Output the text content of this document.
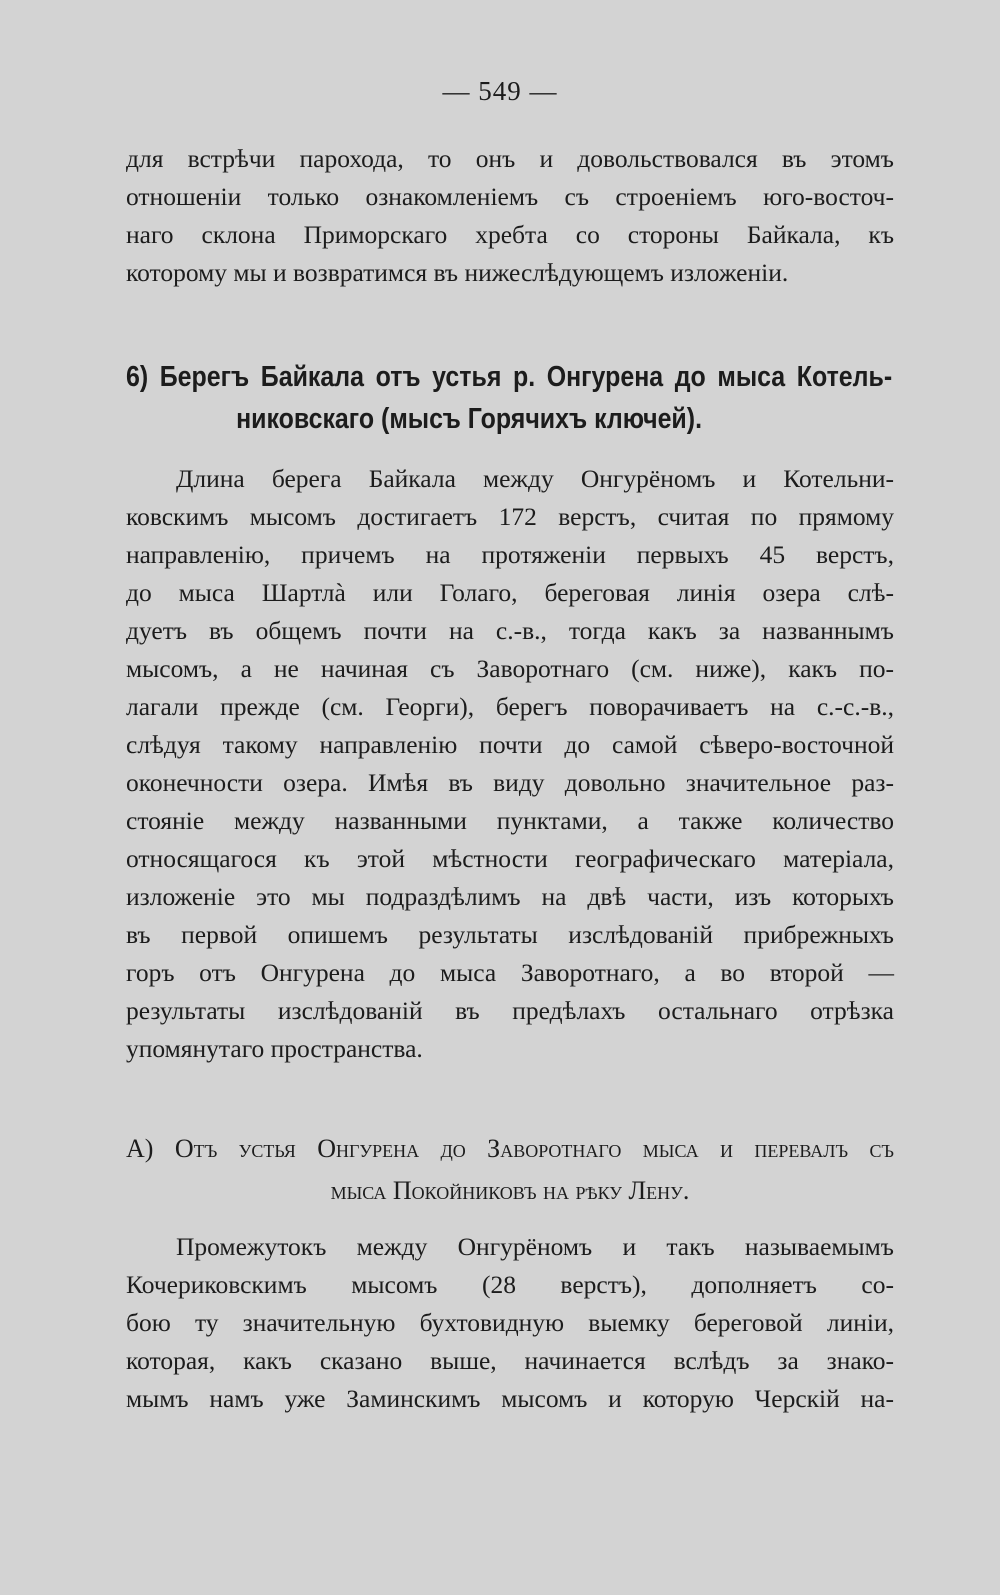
— 549 —
для встрѣчи парохода, то онъ и довольствовался въ этомъ
отношеніи только ознакомленіемъ съ строеніемъ юго-восточ-
наго склона Приморскаго хребта со стороны Байкала, къ
которому мы и возвратимся въ нижеслѣдующемъ изложеніи.
6) Берегъ Байкала отъ устья р. Онгурена до мыса Котель-
никовскаго (мысъ Горячихъ ключей).
Длина берега Байкала между Онгурёномъ и Котельни-
ковскимъ мысомъ достигаетъ 172 верстъ, считая по прямому
направленію, причемъ на протяженіи первыхъ 45 верстъ,
до мыса Шартлà или Голаго, береговая линія озера слѣ-
дуетъ въ общемъ почти на с.-в., тогда какъ за названнымъ
мысомъ, а не начиная съ Заворотнаго (см. ниже), какъ по-
лагали прежде (см. Георги), берегъ поворачиваетъ на с.-с.-в.,
слѣдуя такому направленію почти до самой сѣверо-восточной
оконечности озера. Имѣя въ виду довольно значительное раз-
стояніе между названными пунктами, а также количество
относящагося къ этой мѣстности географическаго матеріала,
изложеніе это мы подраздѣлимъ на двѣ части, изъ которыхъ
въ первой опишемъ результаты изслѣдованій прибрежныхъ
горъ отъ Онгурена до мыса Заворотнаго, а во второй —
результаты изслѣдованій въ предѣлахъ остальнаго отрѣзка
упомянутаго пространства.
А) Отъ устья Онгурена до Заворотнаго мыса и перевалъ съ
мыса Покойниковъ на рѣку Лену.
Промежутокъ между Онгурёномъ и такъ называемымъ
Кочериковскимъ мысомъ (28 верстъ), дополняетъ со-
бою ту значительную бухтовидную выемку береговой линіи,
которая, какъ сказано выше, начинается вслѣдъ за знако-
мымъ намъ уже Заминскимъ мысомъ и которую Черскій на-
